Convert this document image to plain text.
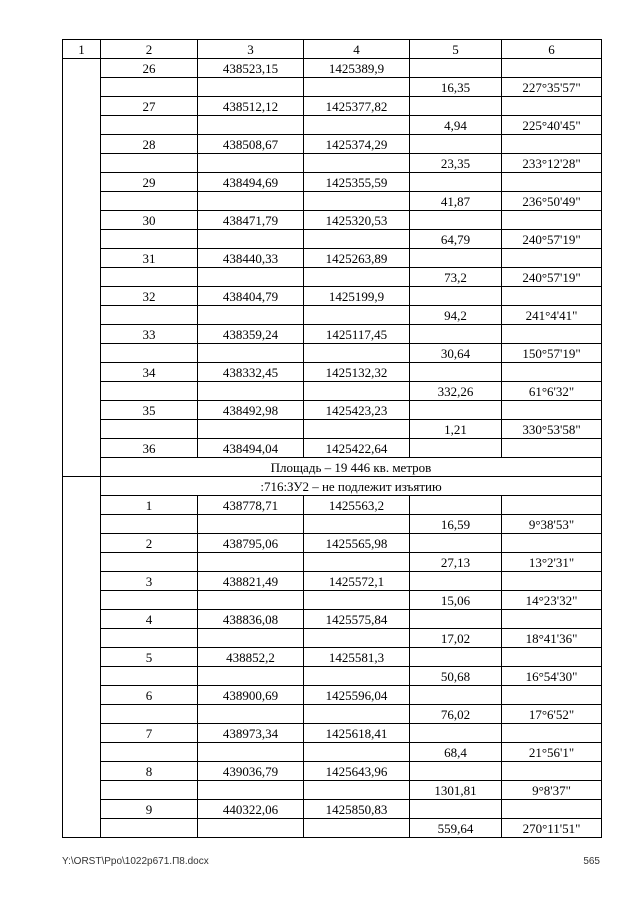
1	2	3	4	5	6
	26	438523,15	1425389,9		
				16,35	227°35'57"
	27	438512,12	1425377,82		
				4,94	225°40'45"
	28	438508,67	1425374,29		
				23,35	233°12'28"
	29	438494,69	1425355,59		
				41,87	236°50'49"
	30	438471,79	1425320,53		
				64,79	240°57'19"
	31	438440,33	1425263,89		
				73,2	240°57'19"
	32	438404,79	1425199,9		
				94,2	241°4'41"
	33	438359,24	1425117,45		
				30,64	150°57'19"
	34	438332,45	1425132,32		
				332,26	61°6'32"
	35	438492,98	1425423,23		
				1,21	330°53'58"
	36	438494,04	1425422,64		
	Площадь – 19 446 кв. метров				
	:716:ЗУ2 – не подлежит изъятию				
	1	438778,71	1425563,2		
				16,59	9°38'53"
	2	438795,06	1425565,98		
				27,13	13°2'31"
	3	438821,49	1425572,1		
				15,06	14°23'32"
	4	438836,08	1425575,84		
				17,02	18°41'36"
	5	438852,2	1425581,3		
				50,68	16°54'30"
	6	438900,69	1425596,04		
				76,02	17°6'52"
	7	438973,34	1425618,41		
				68,4	21°56'1"
	8	439036,79	1425643,96		
				1301,81	9°8'37"
	9	440322,06	1425850,83		
				559,64	270°11'51"
Y:\ORST\Ppo\1022p671.П8.docx	565
